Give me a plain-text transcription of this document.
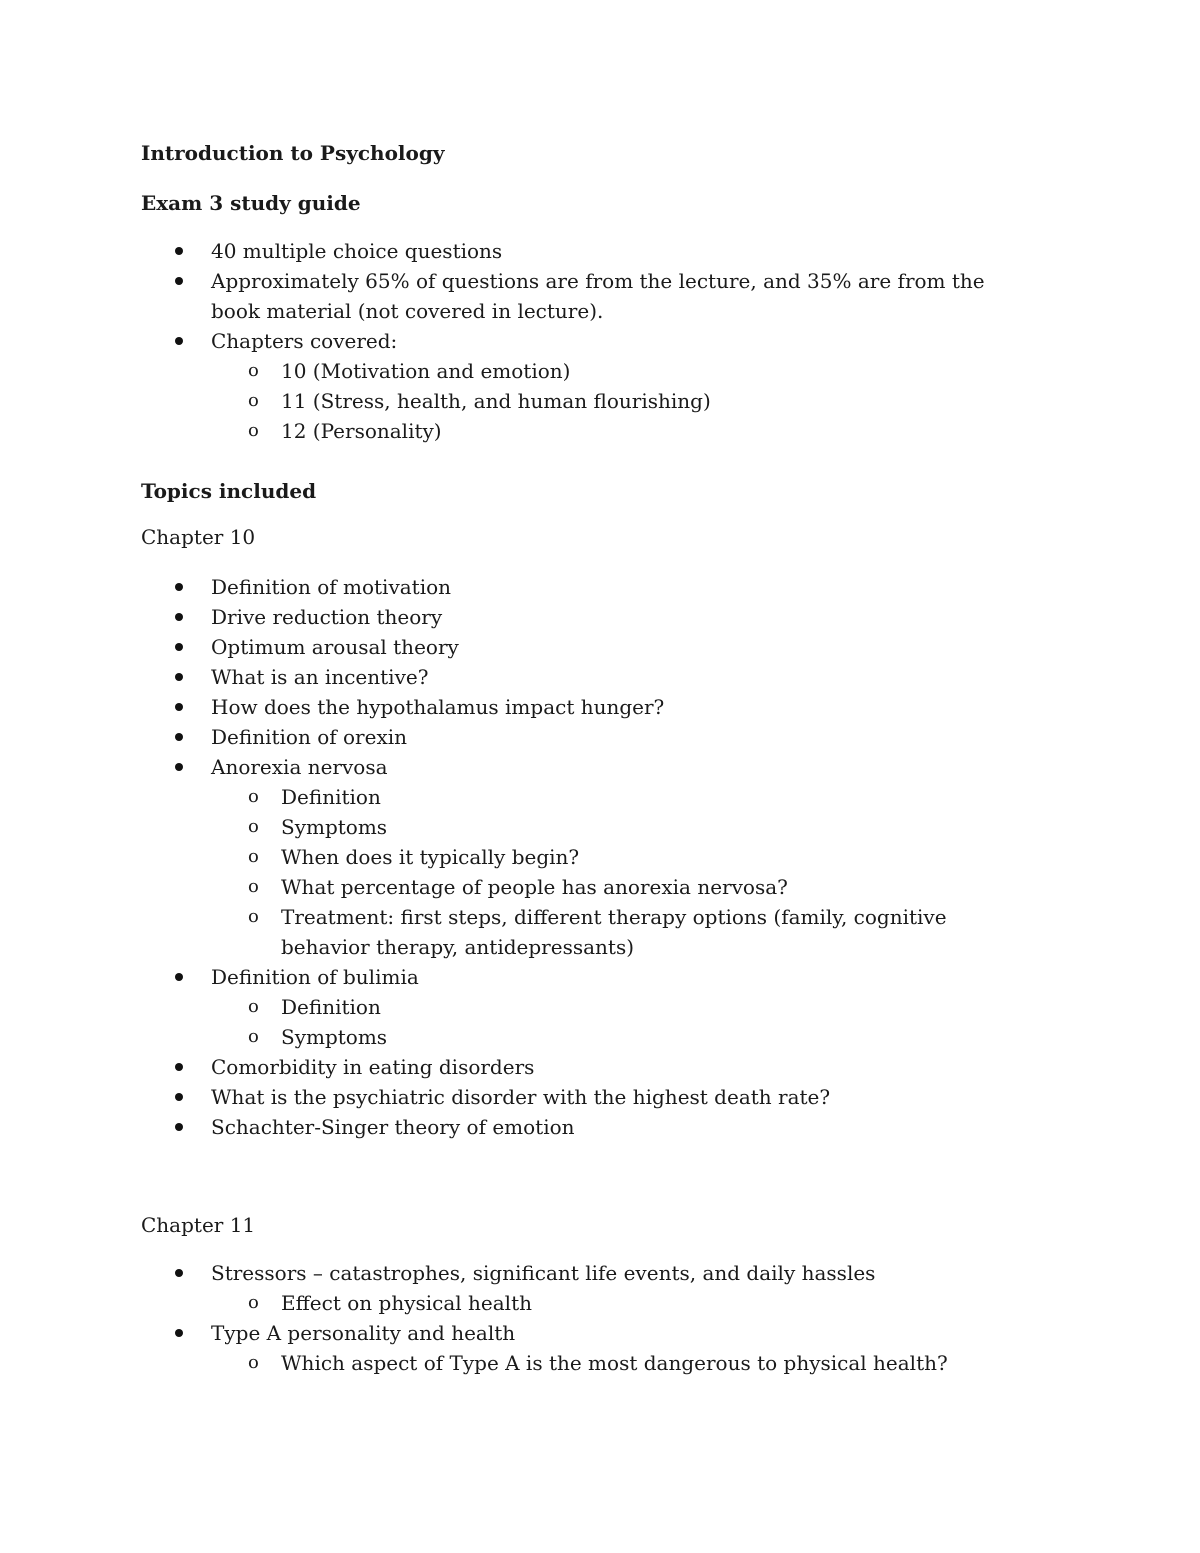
Introduction to Psychology

Exam 3 study guide

40 multiple choice questions
Approximately 65% of questions are from the lecture, and 35% are from the book material (not covered in lecture).
Chapters covered:
o 10 (Motivation and emotion)
o 11 (Stress, health, and human flourishing)
o 12 (Personality)

Topics included

Chapter 10

Definition of motivation
Drive reduction theory
Optimum arousal theory
What is an incentive?
How does the hypothalamus impact hunger?
Definition of orexin
Anorexia nervosa
o Definition
o Symptoms
o When does it typically begin?
o What percentage of people has anorexia nervosa?
o Treatment: first steps, different therapy options (family, cognitive behavior therapy, antidepressants)
Definition of bulimia
o Definition
o Symptoms
Comorbidity in eating disorders
What is the psychiatric disorder with the highest death rate?
Schachter-Singer theory of emotion

Chapter 11

Stressors – catastrophes, significant life events, and daily hassles
o Effect on physical health
Type A personality and health
o Which aspect of Type A is the most dangerous to physical health?
